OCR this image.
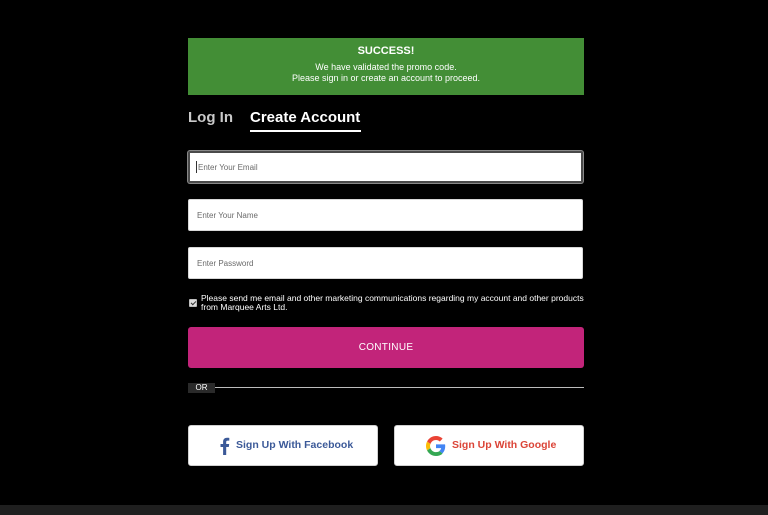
SUCCESS!
We have validated the promo code.
Please sign in or create an account to proceed.
Log In Create Account
Enter Your Email
Enter Your Name
Please send me email and other marketing communications regarding my account and other products from Marquee Arts Ltd.
CONTINUE
OR
Sign Up With Facebook	Sign Up With Google
